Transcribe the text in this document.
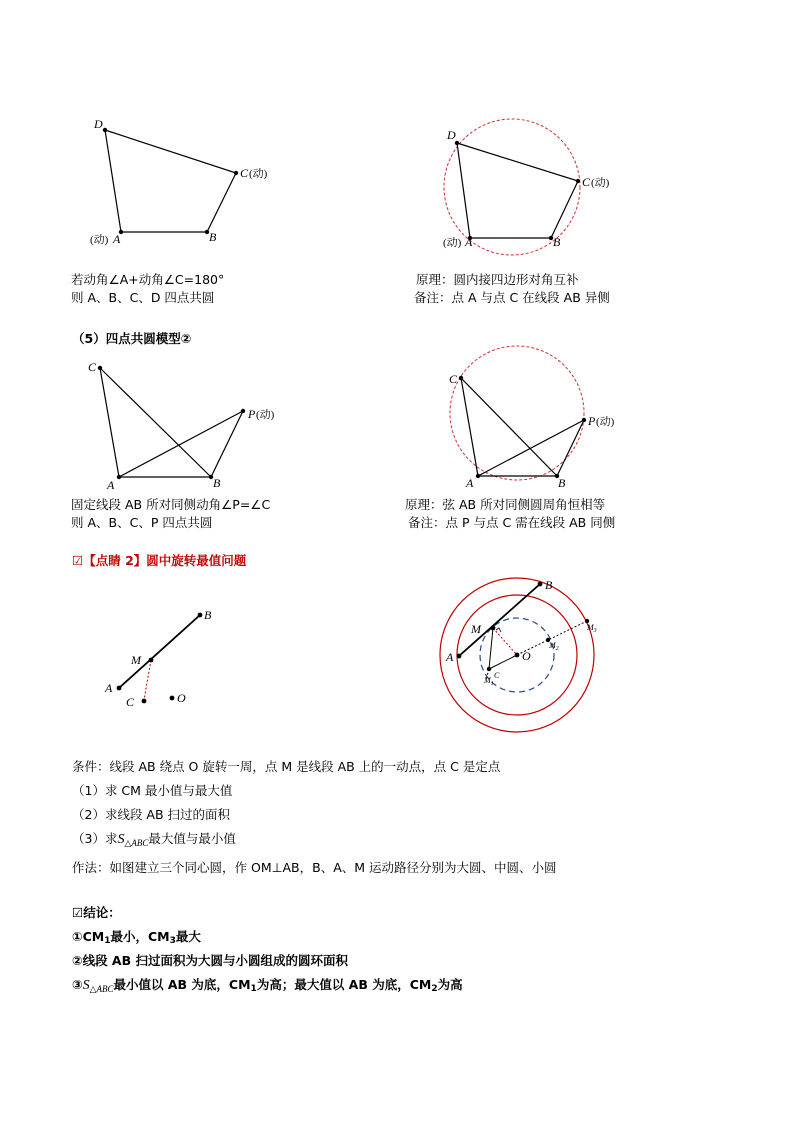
D
C (动)
(动) A	B
D
C (动)
(动) A	B
C
P (动)
A	B
C
P (动)
A	B
B
M
A
C	O
B
M
A	O
C
$M_1$
$M_2$
$M_3$
若动角∠A+动角∠C=180°
则 A、B、C、D 四点共圆
原理：圆内接四边形对角互补
备注：点 A 与点 C 在线段 AB 异侧
（5）四点共圆模型②
固定线段 AB 所对同侧动角∠P=∠C
则 A、B、C、P 四点共圆
原理：弦 AB 所对同侧圆周角恒相等
备注：点 P 与点 C 需在线段 AB 同侧
☑【点睛 2】圆中旋转最值问题
条件：线段 AB 绕点 O 旋转一周，点 M 是线段 AB 上的一动点，点 C 是定点
（1）求 CM 最小值与最大值
（2）求线段 AB 扫过的面积
（3）求$S_{\triangle ABC}$最大值与最小值
作法：如图建立三个同心圆，作 OM⊥AB，B、A、M 运动路径分别为大圆、中圆、小圆
☑结论：
$①CM_1$最小，$CM_3$最大
②线段 AB 扫过面积为大圆与小圆组成的圆环面积
$③S_{\triangle ABC}$最小值以 AB 为底，$CM_1$为高；最大值以 AB 为底，$CM_2$为高
